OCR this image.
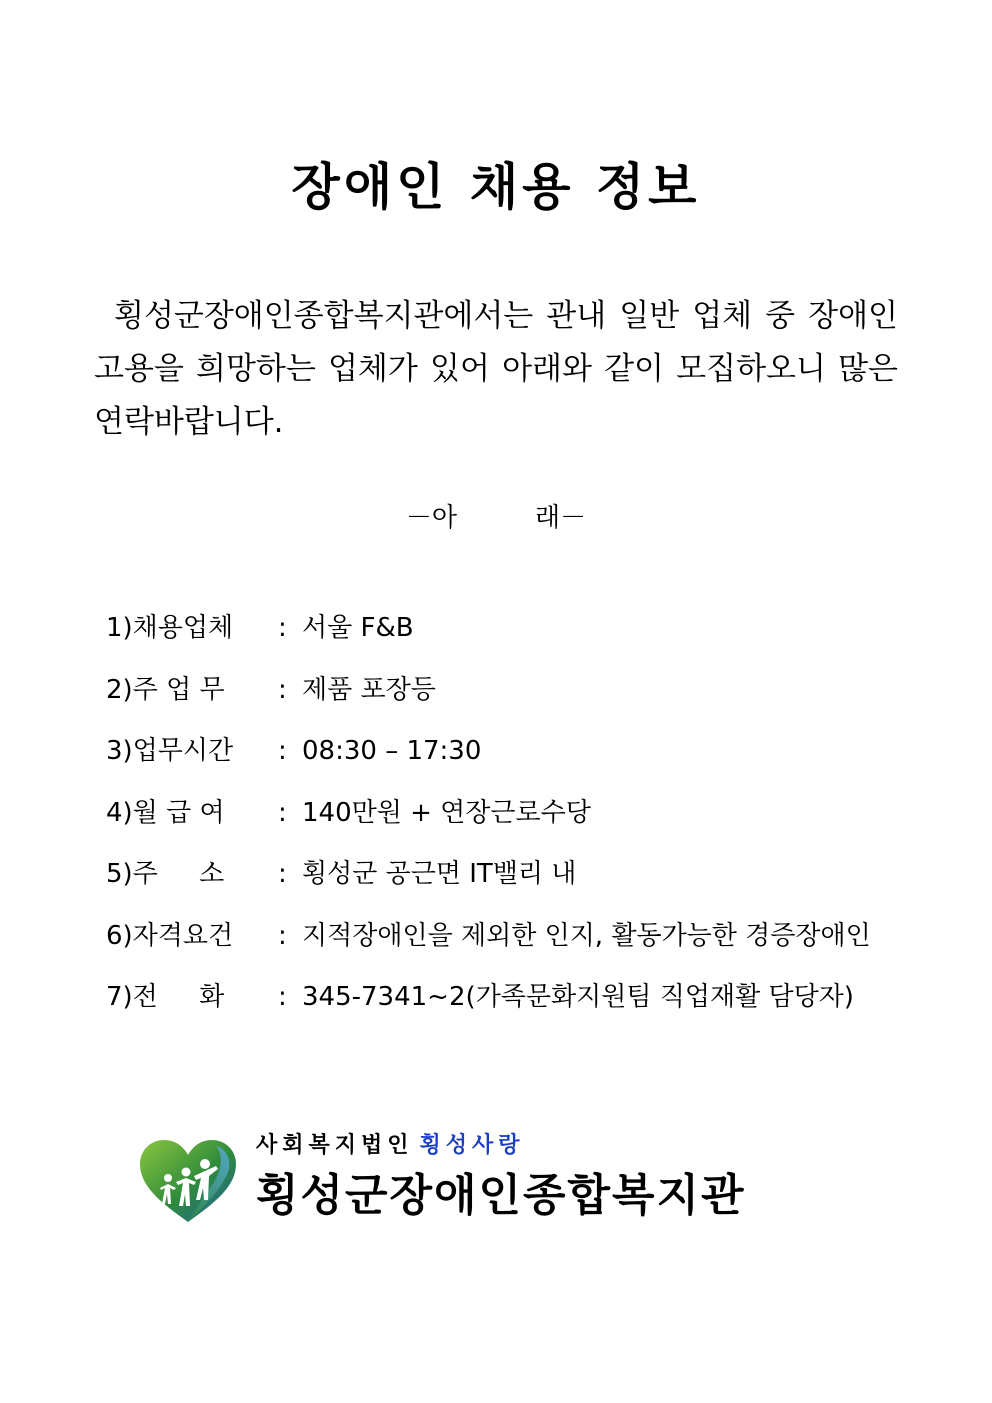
장애인 채용 정보

횡성군장애인종합복지관에서는 관내 일반 업체 중 장애인 고용을 희망하는 업체가 있어 아래와 같이 모집하오니 많은 연락바랍니다.

－아　　　래－
1)채용업체	: 서울 F&B
2)주 업 무	: 제품 포장등
3)업무시간	: 08:30 – 17:30
4)월 급 여	: 140만원 + 연장근로수당
5)주     소	: 횡성군 공근면 IT밸리 내
6)자격요건	: 지적장애인을 제외한 인지, 활동가능한 경증장애인
7)전     화	: 345-7341~2(가족문화지원팀 직업재활 담당자)
사회복지법인 횡성사랑
횡성군장애인종합복지관
